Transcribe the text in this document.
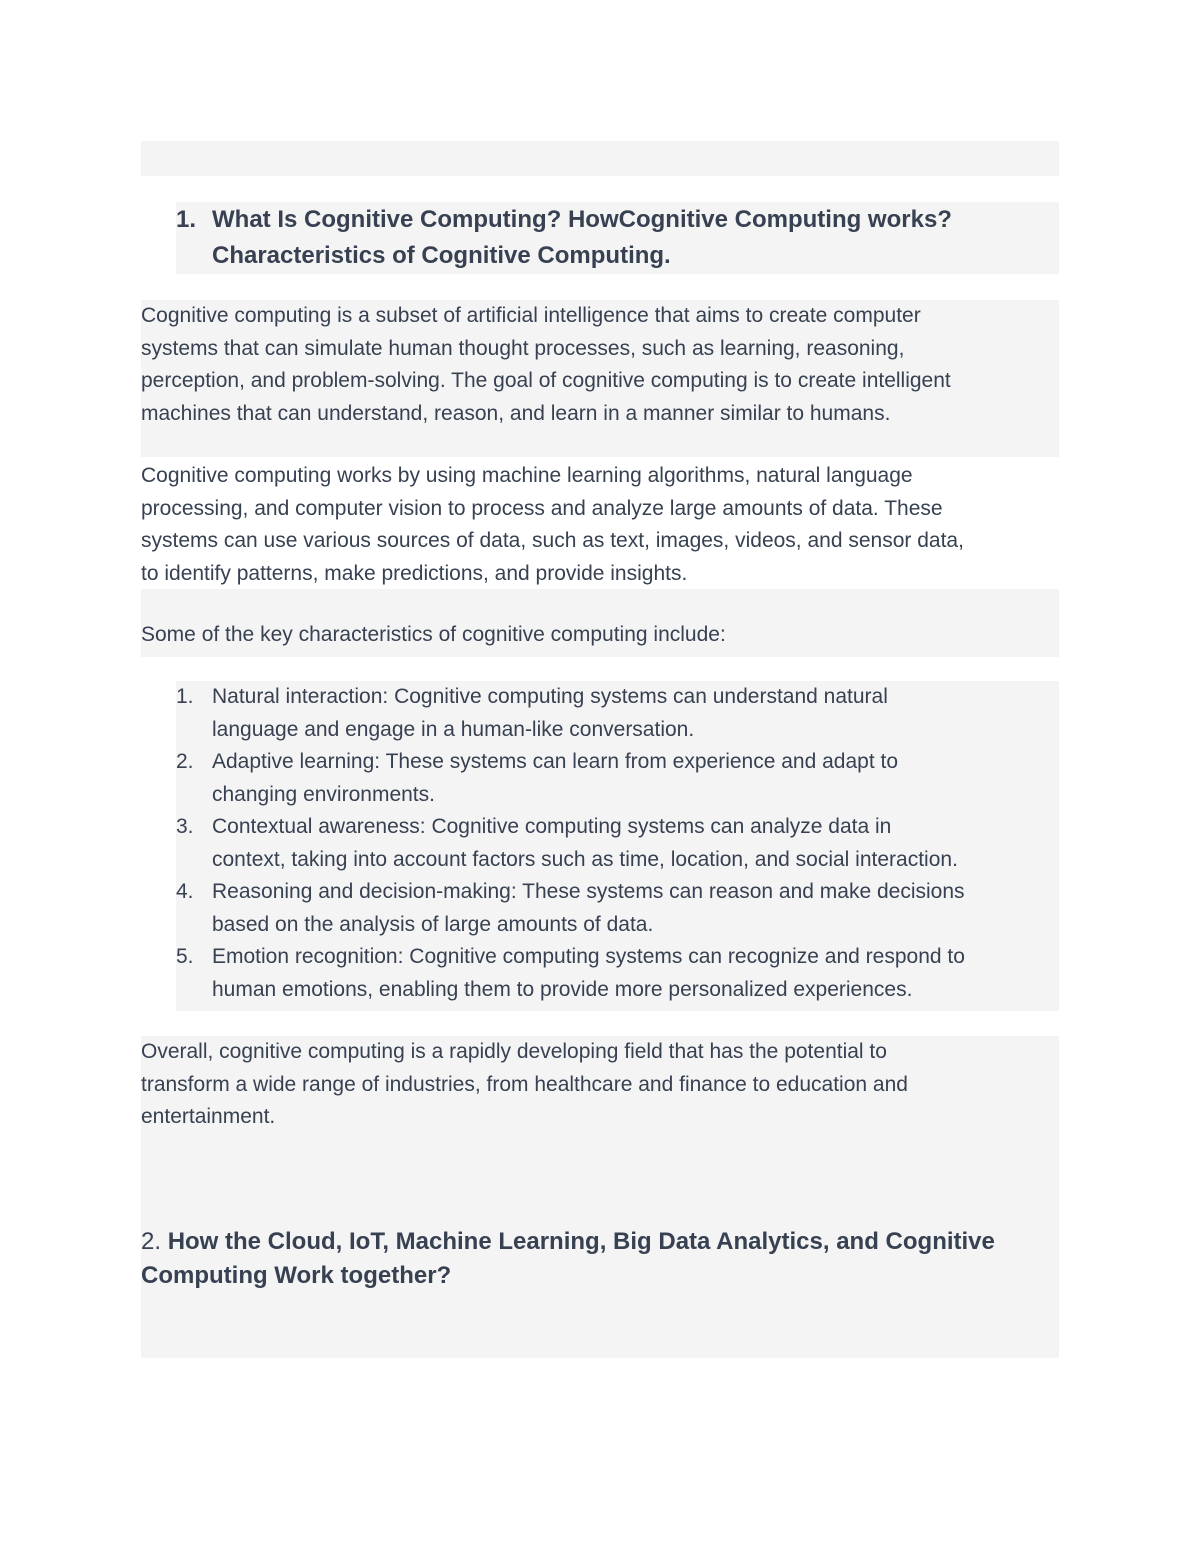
1. What Is Cognitive Computing? HowCognitive Computing works?
Characteristics of Cognitive Computing.

Cognitive computing is a subset of artificial intelligence that aims to create computer
systems that can simulate human thought processes, such as learning, reasoning,
perception, and problem-solving. The goal of cognitive computing is to create intelligent
machines that can understand, reason, and learn in a manner similar to humans.

Cognitive computing works by using machine learning algorithms, natural language
processing, and computer vision to process and analyze large amounts of data. These
systems can use various sources of data, such as text, images, videos, and sensor data,
to identify patterns, make predictions, and provide insights.

Some of the key characteristics of cognitive computing include:

1. Natural interaction: Cognitive computing systems can understand natural
language and engage in a human-like conversation.
2. Adaptive learning: These systems can learn from experience and adapt to
changing environments.
3. Contextual awareness: Cognitive computing systems can analyze data in
context, taking into account factors such as time, location, and social interaction.
4. Reasoning and decision-making: These systems can reason and make decisions
based on the analysis of large amounts of data.
5. Emotion recognition: Cognitive computing systems can recognize and respond to
human emotions, enabling them to provide more personalized experiences.

Overall, cognitive computing is a rapidly developing field that has the potential to
transform a wide range of industries, from healthcare and finance to education and
entertainment.

2. How the Cloud, IoT, Machine Learning, Big Data Analytics, and Cognitive
Computing Work together?
